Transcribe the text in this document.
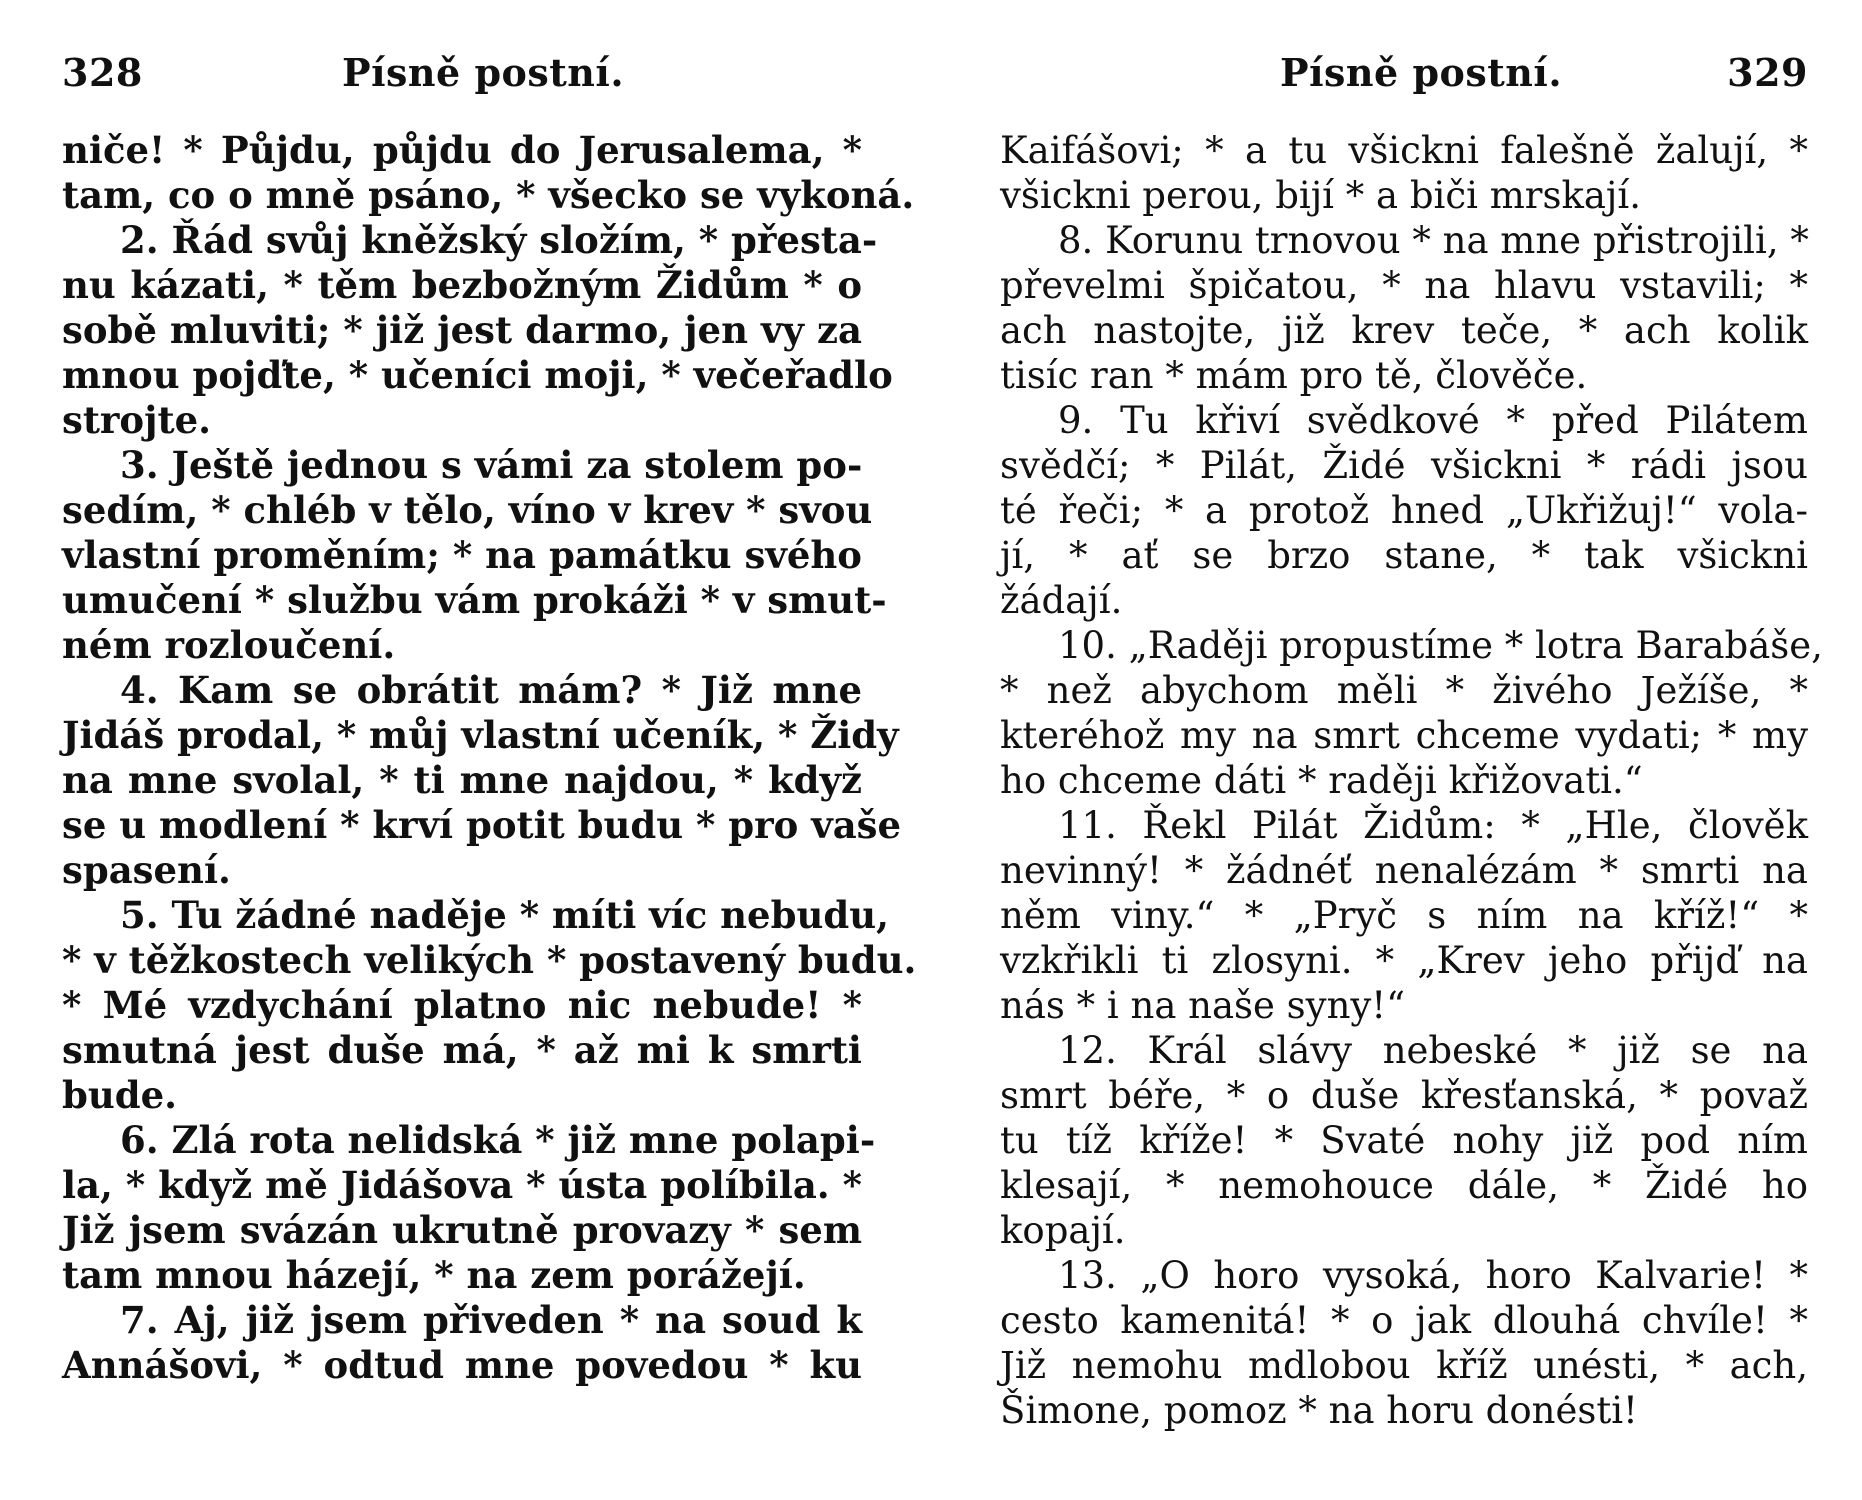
328	Písně postní.
niče! * Půjdu, půjdu do Jerusalema, *
tam, co o mně psáno, * všecko se vykoná.
2. Řád svůj kněžský složím, * přesta-
nu kázati, * těm bezbožným Židům * o
sobě mluviti; * již jest darmo, jen vy za
mnou pojďte, * učeníci moji, * večeřadlo
strojte.
3. Ještě jednou s vámi za stolem po-
sedím, * chléb v tělo, víno v krev * svou
vlastní proměním; * na památku svého
umučení * službu vám prokáži * v smut-
ném rozloučení.
4. Kam se obrátit mám? * Již mne
Jidáš prodal, * můj vlastní učeník, * Židy
na mne svolal, * ti mne najdou, * když
se u modlení * krví potit budu * pro vaše
spasení.
5. Tu žádné naděje * míti víc nebudu,
* v těžkostech velikých * postavený budu.
* Mé vzdychání platno nic nebude! *
smutná jest duše má, * až mi k smrti
bude.
6. Zlá rota nelidská * již mne polapi-
la, * když mě Jidášova * ústa políbila. *
Již jsem svázán ukrutně provazy * sem
tam mnou házejí, * na zem porážejí.
7. Aj, již jsem přiveden * na soud k
Annášovi, * odtud mne povedou * ku
Písně postní.	329
Kaifášovi; * a tu všickni falešně žalují, *
všickni perou, bijí * a biči mrskají.
8. Korunu trnovou * na mne přistrojili, *
převelmi špičatou, * na hlavu vstavili; *
ach nastojte, již krev teče, * ach kolik
tisíc ran * mám pro tě, člověče.
9. Tu křiví svědkové * před Pilátem
svědčí; * Pilát, Židé všickni * rádi jsou
té řeči; * a protož hned „Ukřižuj!“ vola-
jí, * ať se brzo stane, * tak všickni
žádají.
10. „Raději propustíme * lotra Barabáše,
* než abychom měli * živého Ježíše, *
kteréhož my na smrt chceme vydati; * my
ho chceme dáti * raději křižovati.“
11. Řekl Pilát Židům: * „Hle, člověk
nevinný! * žádnéť nenalézám * smrti na
něm viny.“ * „Pryč s ním na kříž!“ *
vzkřikli ti zlosyni. * „Krev jeho přijď na
nás * i na naše syny!“
12. Král slávy nebeské * již se na
smrt béře, * o duše křesťanská, * považ
tu tíž kříže! * Svaté nohy již pod ním
klesají, * nemohouce dále, * Židé ho
kopají.
13. „O horo vysoká, horo Kalvarie! *
cesto kamenitá! * o jak dlouhá chvíle! *
Již nemohu mdlobou kříž unésti, * ach,
Šimone, pomoz * na horu donésti!
